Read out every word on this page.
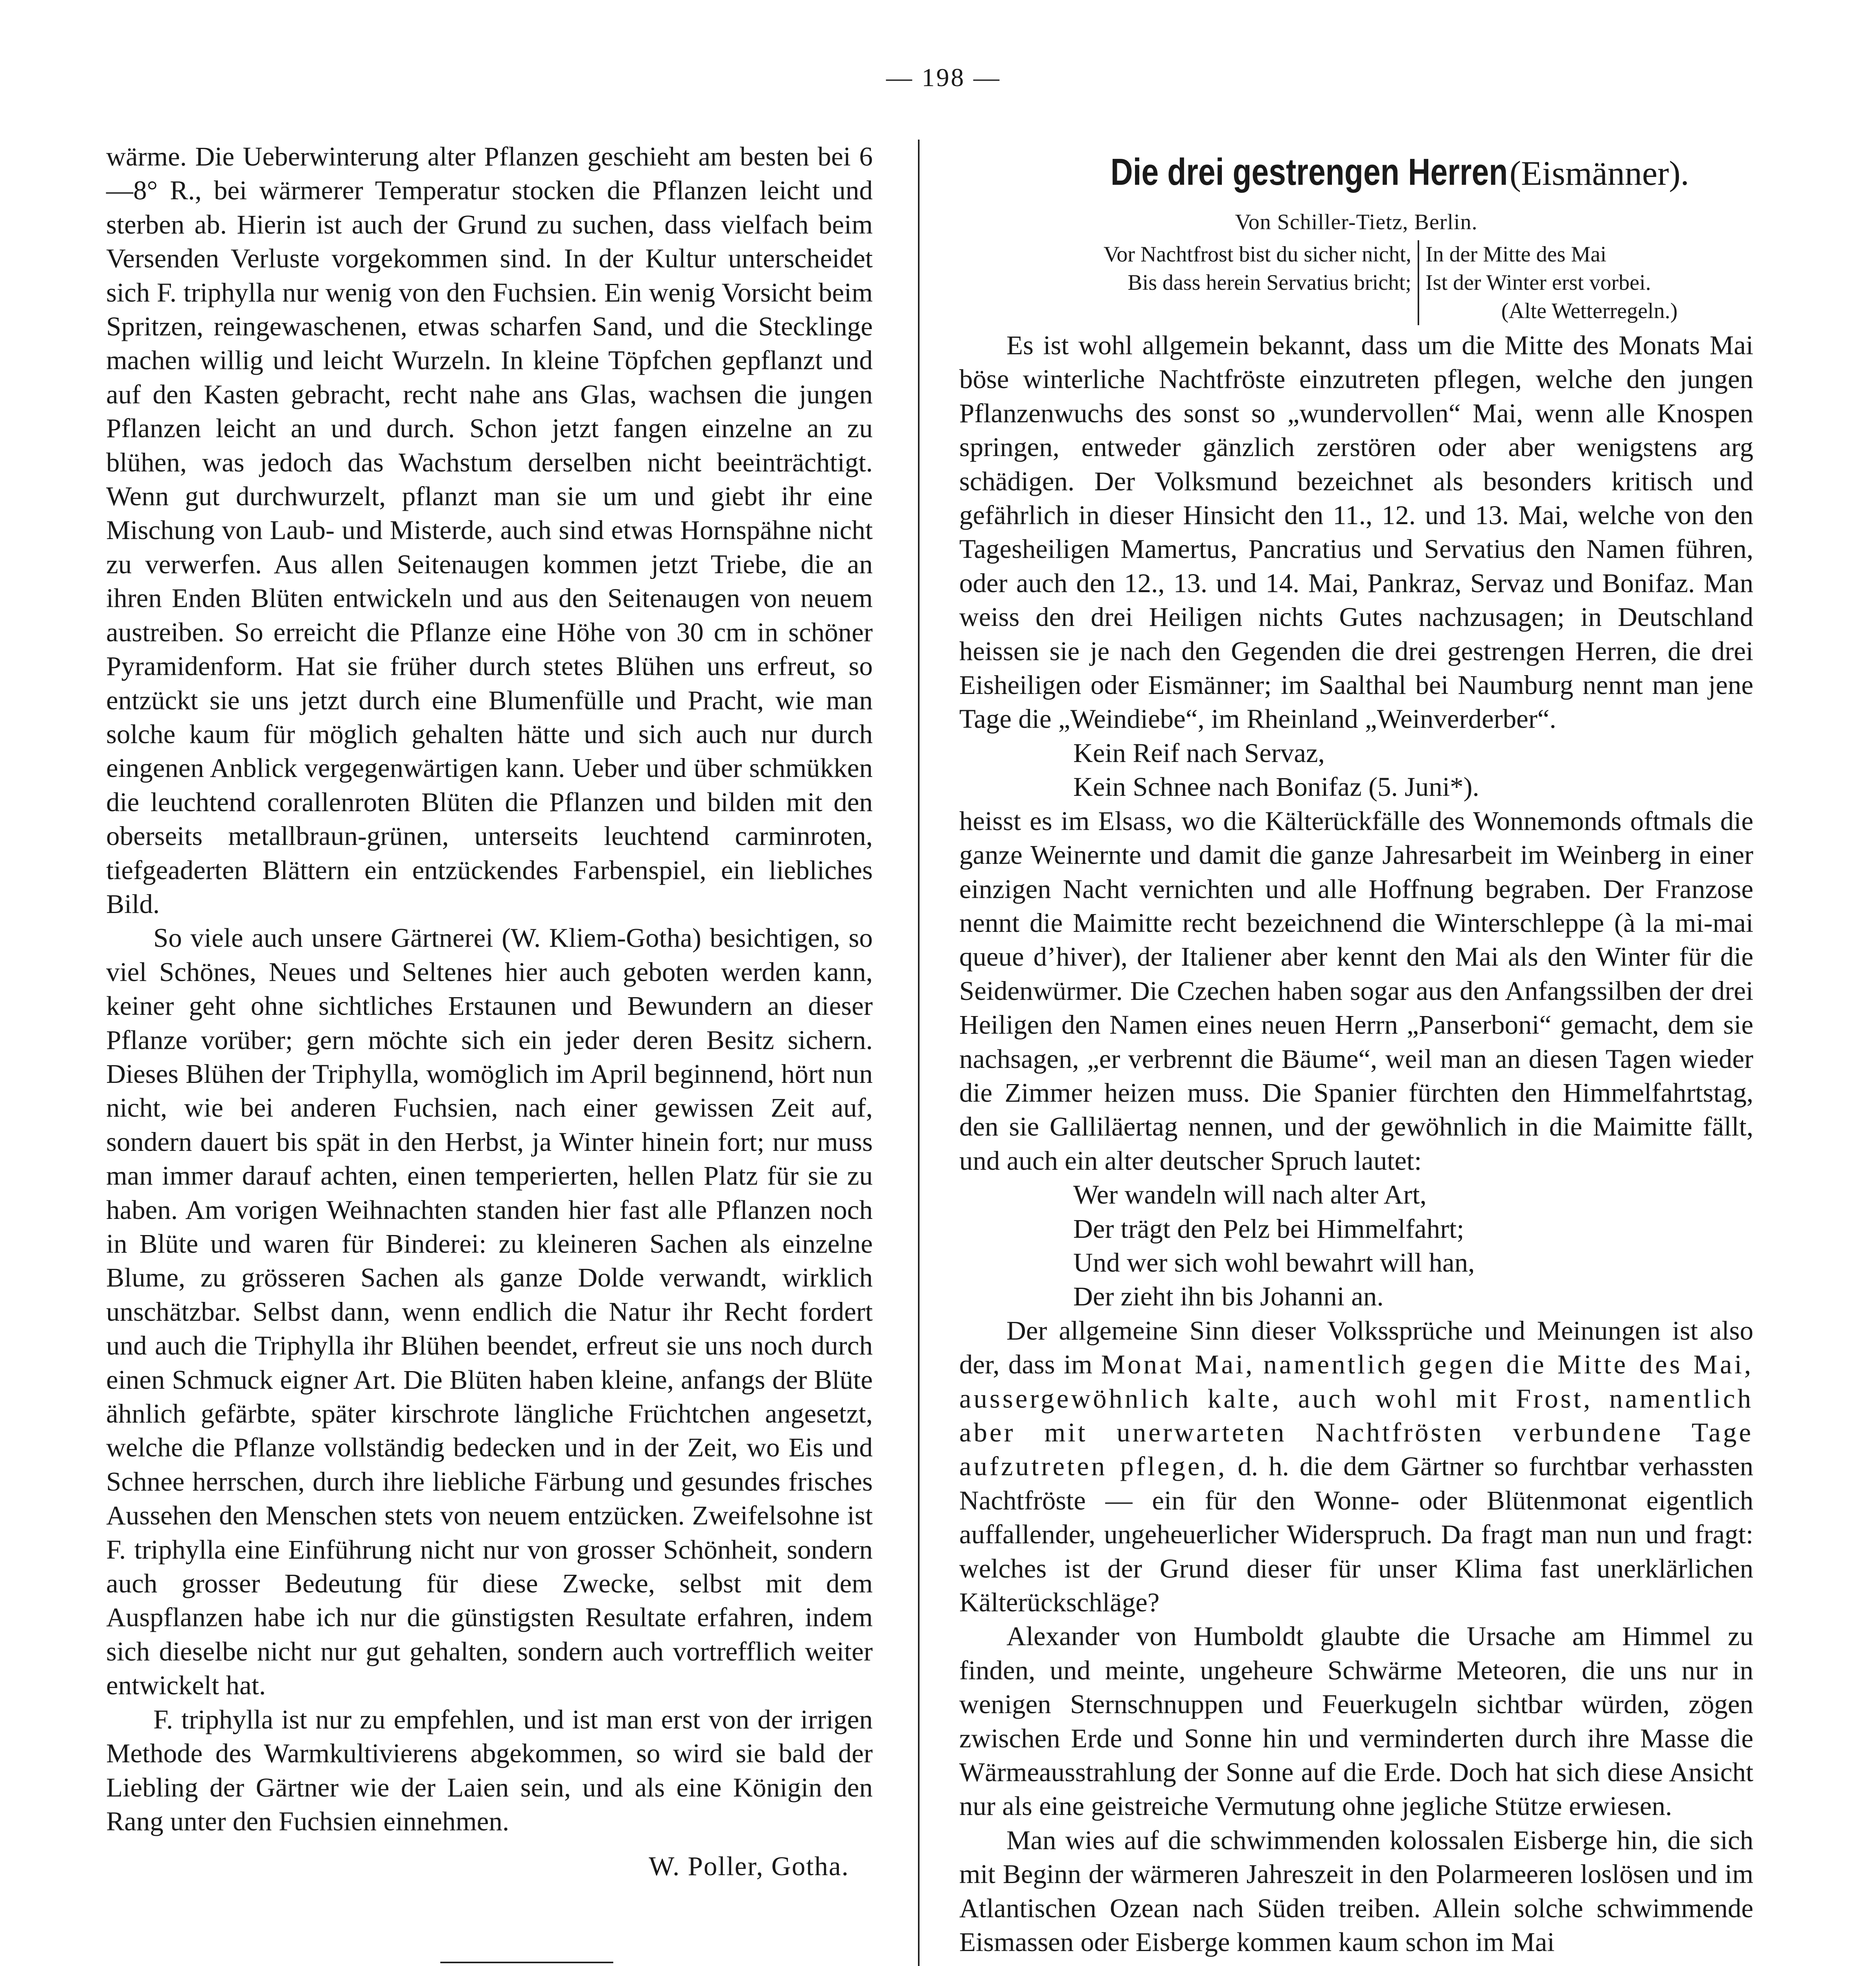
— 198 —

wärme. Die Ueberwinterung alter Pflanzen geschieht am besten bei 6—8° R., bei wärmerer Temperatur stocken die Pflanzen leicht und sterben ab. Hierin ist auch der Grund zu suchen, dass vielfach beim Versenden Verluste vorgekommen sind. In der Kultur unterscheidet sich F. triphylla nur wenig von den Fuchsien. Ein wenig Vorsicht beim Spritzen, reingewaschenen, etwas scharfen Sand, und die Stecklinge machen willig und leicht Wurzeln. In kleine Töpfchen gepflanzt und auf den Kasten gebracht, recht nahe ans Glas, wachsen die jungen Pflanzen leicht an und durch. Schon jetzt fangen einzelne an zu blühen, was jedoch das Wachstum derselben nicht beeinträchtigt. Wenn gut durchwurzelt, pflanzt man sie um und giebt ihr eine Mischung von Laub- und Misterde, auch sind etwas Hornspähne nicht zu verwerfen. Aus allen Seitenaugen kommen jetzt Triebe, die an ihren Enden Blüten entwickeln und aus den Seitenaugen von neuem austreiben. So erreicht die Pflanze eine Höhe von 30 cm in schöner Pyramidenform. Hat sie früher durch stetes Blühen uns erfreut, so entzückt sie uns jetzt durch eine Blumenfülle und Pracht, wie man solche kaum für möglich gehalten hätte und sich auch nur durch eingenen Anblick vergegenwärtigen kann. Ueber und über schmükken die leuchtend corallenroten Blüten die Pflanzen und bilden mit den oberseits metallbraun-grünen, unterseits leuchtend carminroten, tiefgeaderten Blättern ein entzückendes Farbenspiel, ein liebliches Bild.

So viele auch unsere Gärtnerei (W. Kliem-Gotha) besichtigen, so viel Schönes, Neues und Seltenes hier auch geboten werden kann, keiner geht ohne sichtliches Erstaunen und Bewundern an dieser Pflanze vorüber; gern möchte sich ein jeder deren Besitz sichern. Dieses Blühen der Triphylla, womöglich im April beginnend, hört nun nicht, wie bei anderen Fuchsien, nach einer gewissen Zeit auf, sondern dauert bis spät in den Herbst, ja Winter hinein fort; nur muss man immer darauf achten, einen temperierten, hellen Platz für sie zu haben. Am vorigen Weihnachten standen hier fast alle Pflanzen noch in Blüte und waren für Binderei: zu kleineren Sachen als einzelne Blume, zu grösseren Sachen als ganze Dolde verwandt, wirklich unschätzbar. Selbst dann, wenn endlich die Natur ihr Recht fordert und auch die Triphylla ihr Blühen beendet, erfreut sie uns noch durch einen Schmuck eigner Art. Die Blüten haben kleine, anfangs der Blüte ähnlich gefärbte, später kirschrote längliche Früchtchen angesetzt, welche die Pflanze vollständig bedecken und in der Zeit, wo Eis und Schnee herrschen, durch ihre liebliche Färbung und gesundes frisches Aussehen den Menschen stets von neuem entzücken. Zweifelsohne ist F. triphylla eine Einführung nicht nur von grosser Schönheit, sondern auch grosser Bedeutung für diese Zwecke, selbst mit dem Auspflanzen habe ich nur die günstigsten Resultate erfahren, indem sich dieselbe nicht nur gut gehalten, sondern auch vortrefflich weiter entwickelt hat.

F. triphylla ist nur zu empfehlen, und ist man erst von der irrigen Methode des Warmkultivierens abgekommen, so wird sie bald der Liebling der Gärtner wie der Laien sein, und als eine Königin den Rang unter den Fuchsien einnehmen.

W. Poller, Gotha.
Die drei gestrengen Herren (Eismänner).
Von Schiller-Tietz, Berlin.
Vor Nachtfrost bist du sicher nicht,
Bis dass herein Servatius bricht;
In der Mitte des Mai
Ist der Winter erst vorbei.
(Alte Wetterregeln.)

Es ist wohl allgemein bekannt, dass um die Mitte des Monats Mai böse winterliche Nachtfröste einzutreten pflegen, welche den jungen Pflanzenwuchs des sonst so „wundervollen“ Mai, wenn alle Knospen springen, entweder gänzlich zerstören oder aber wenigstens arg schädigen. Der Volksmund bezeichnet als besonders kritisch und gefährlich in dieser Hinsicht den 11., 12. und 13. Mai, welche von den Tagesheiligen Mamertus, Pancratius und Servatius den Namen führen, oder auch den 12., 13. und 14. Mai, Pankraz, Servaz und Bonifaz. Man weiss den drei Heiligen nichts Gutes nachzusagen; in Deutschland heissen sie je nach den Gegenden die drei gestrengen Herren, die drei Eisheiligen oder Eismänner; im Saalthal bei Naumburg nennt man jene Tage die „Weindiebe“, im Rheinland „Weinverderber“.

Kein Reif nach Servaz,
Kein Schnee nach Bonifaz (5. Juni*).

heisst es im Elsass, wo die Kälterückfälle des Wonnemonds oftmals die ganze Weinernte und damit die ganze Jahresarbeit im Weinberg in einer einzigen Nacht vernichten und alle Hoffnung begraben. Der Franzose nennt die Maimitte recht bezeichnend die Winterschleppe (à la mi-mai queue d’hiver), der Italiener aber kennt den Mai als den Winter für die Seidenwürmer. Die Czechen haben sogar aus den Anfangssilben der drei Heiligen den Namen eines neuen Herrn „Panserboni“ gemacht, dem sie nachsagen, „er verbrennt die Bäume“, weil man an diesen Tagen wieder die Zimmer heizen muss. Die Spanier fürchten den Himmelfahrtstag, den sie Galliläertag nennen, und der gewöhnlich in die Maimitte fällt, und auch ein alter deutscher Spruch lautet:

Wer wandeln will nach alter Art,
Der trägt den Pelz bei Himmelfahrt;
Und wer sich wohl bewahrt will han,
Der zieht ihn bis Johanni an.

Der allgemeine Sinn dieser Volkssprüche und Meinungen ist also der, dass im Monat Mai, namentlich gegen die Mitte des Mai, aussergewöhnlich kalte, auch wohl mit Frost, namentlich aber mit unerwarteten Nachtfrösten verbundene Tage aufzutreten pflegen, d. h. die dem Gärtner so furchtbar verhassten Nachtfröste — ein für den Wonne- oder Blütenmonat eigentlich auffallender, ungeheuerlicher Widerspruch. Da fragt man nun und fragt: welches ist der Grund dieser für unser Klima fast unerklärlichen Kälterückschläge?

Alexander von Humboldt glaubte die Ursache am Himmel zu finden, und meinte, ungeheure Schwärme Meteoren, die uns nur in wenigen Sternschnuppen und Feuerkugeln sichtbar würden, zögen zwischen Erde und Sonne hin und verminderten durch ihre Masse die Wärmeausstrahlung der Sonne auf die Erde. Doch hat sich diese Ansicht nur als eine geistreiche Vermutung ohne jegliche Stütze erwiesen.

Man wies auf die schwimmenden kolossalen Eisberge hin, die sich mit Beginn der wärmeren Jahreszeit in den Polarmeeren loslösen und im Atlantischen Ozean nach Süden treiben. Allein solche schwimmende Eismassen oder Eisberge kommen kaum schon im Mai
